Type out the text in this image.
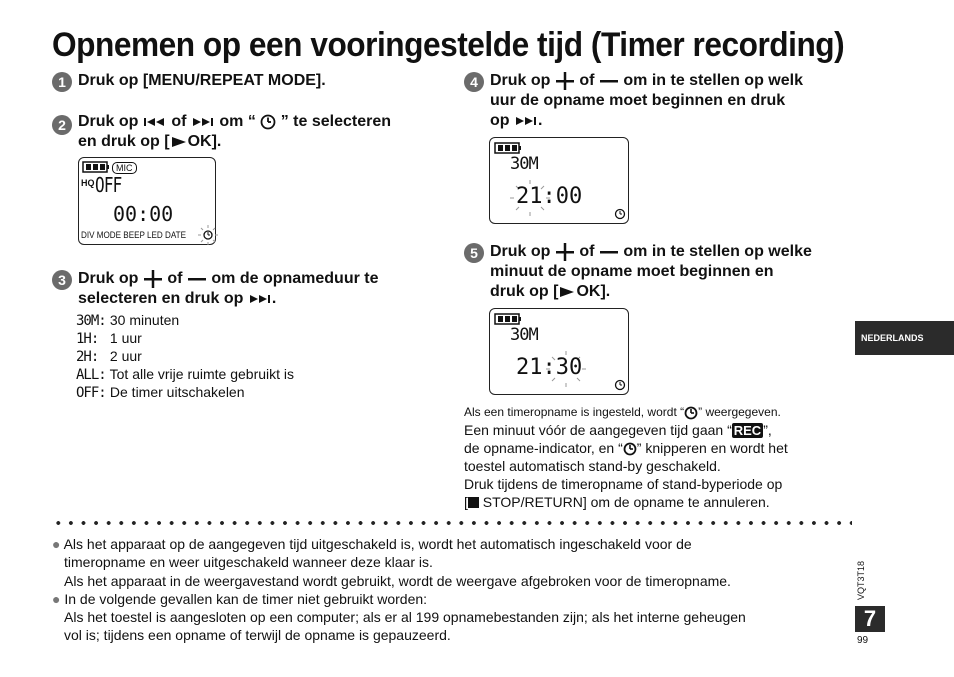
Opnemen op een vooringestelde tijd (Timer recording)
1 Druk op [MENU/REPEAT MODE].
2 Druk op of om “ ” te selecteren
en druk op [ OK].
MIC
HQ OFF
00:00
DIV MODE BEEP LED DATE
3 Druk op of om de opnameduur te
selecteren en druk op .
30M: 30 minuten
1H: 1 uur
2H: 2 uur
ALL: Tot alle vrije ruimte gebruikt is
OFF: De timer uitschakelen
4 Druk op of om in te stellen op welk
uur de opname moet beginnen en druk
op .
30M
21:00
5 Druk op of om in te stellen op welke
minuut de opname moet beginnen en
druk op [ OK].
30M
21:30
Als een timeropname is ingesteld, wordt “ ” weergegeven.
Een minuut vóór de aangegeven tijd gaan “ REC ”,
de opname-indicator, en “ ” knipperen en wordt het
toestel automatisch stand-by geschakeld.
Druk tijdens de timeropname of stand-byperiode op
[ STOP/RETURN] om de opname te annuleren.
● Als het apparaat op de aangegeven tijd uitgeschakeld is, wordt het automatisch ingeschakeld voor de
timeropname en weer uitgeschakeld wanneer deze klaar is.
Als het apparaat in de weergavestand wordt gebruikt, wordt de weergave afgebroken voor de timeropname.
● In de volgende gevallen kan de timer niet gebruikt worden:
Als het toestel is aangesloten op een computer; als er al 199 opnamebestanden zijn; als het interne geheugen
vol is; tijdens een opname of terwijl de opname is gepauzeerd.
NEDERLANDS
VQT3T18
7
99
